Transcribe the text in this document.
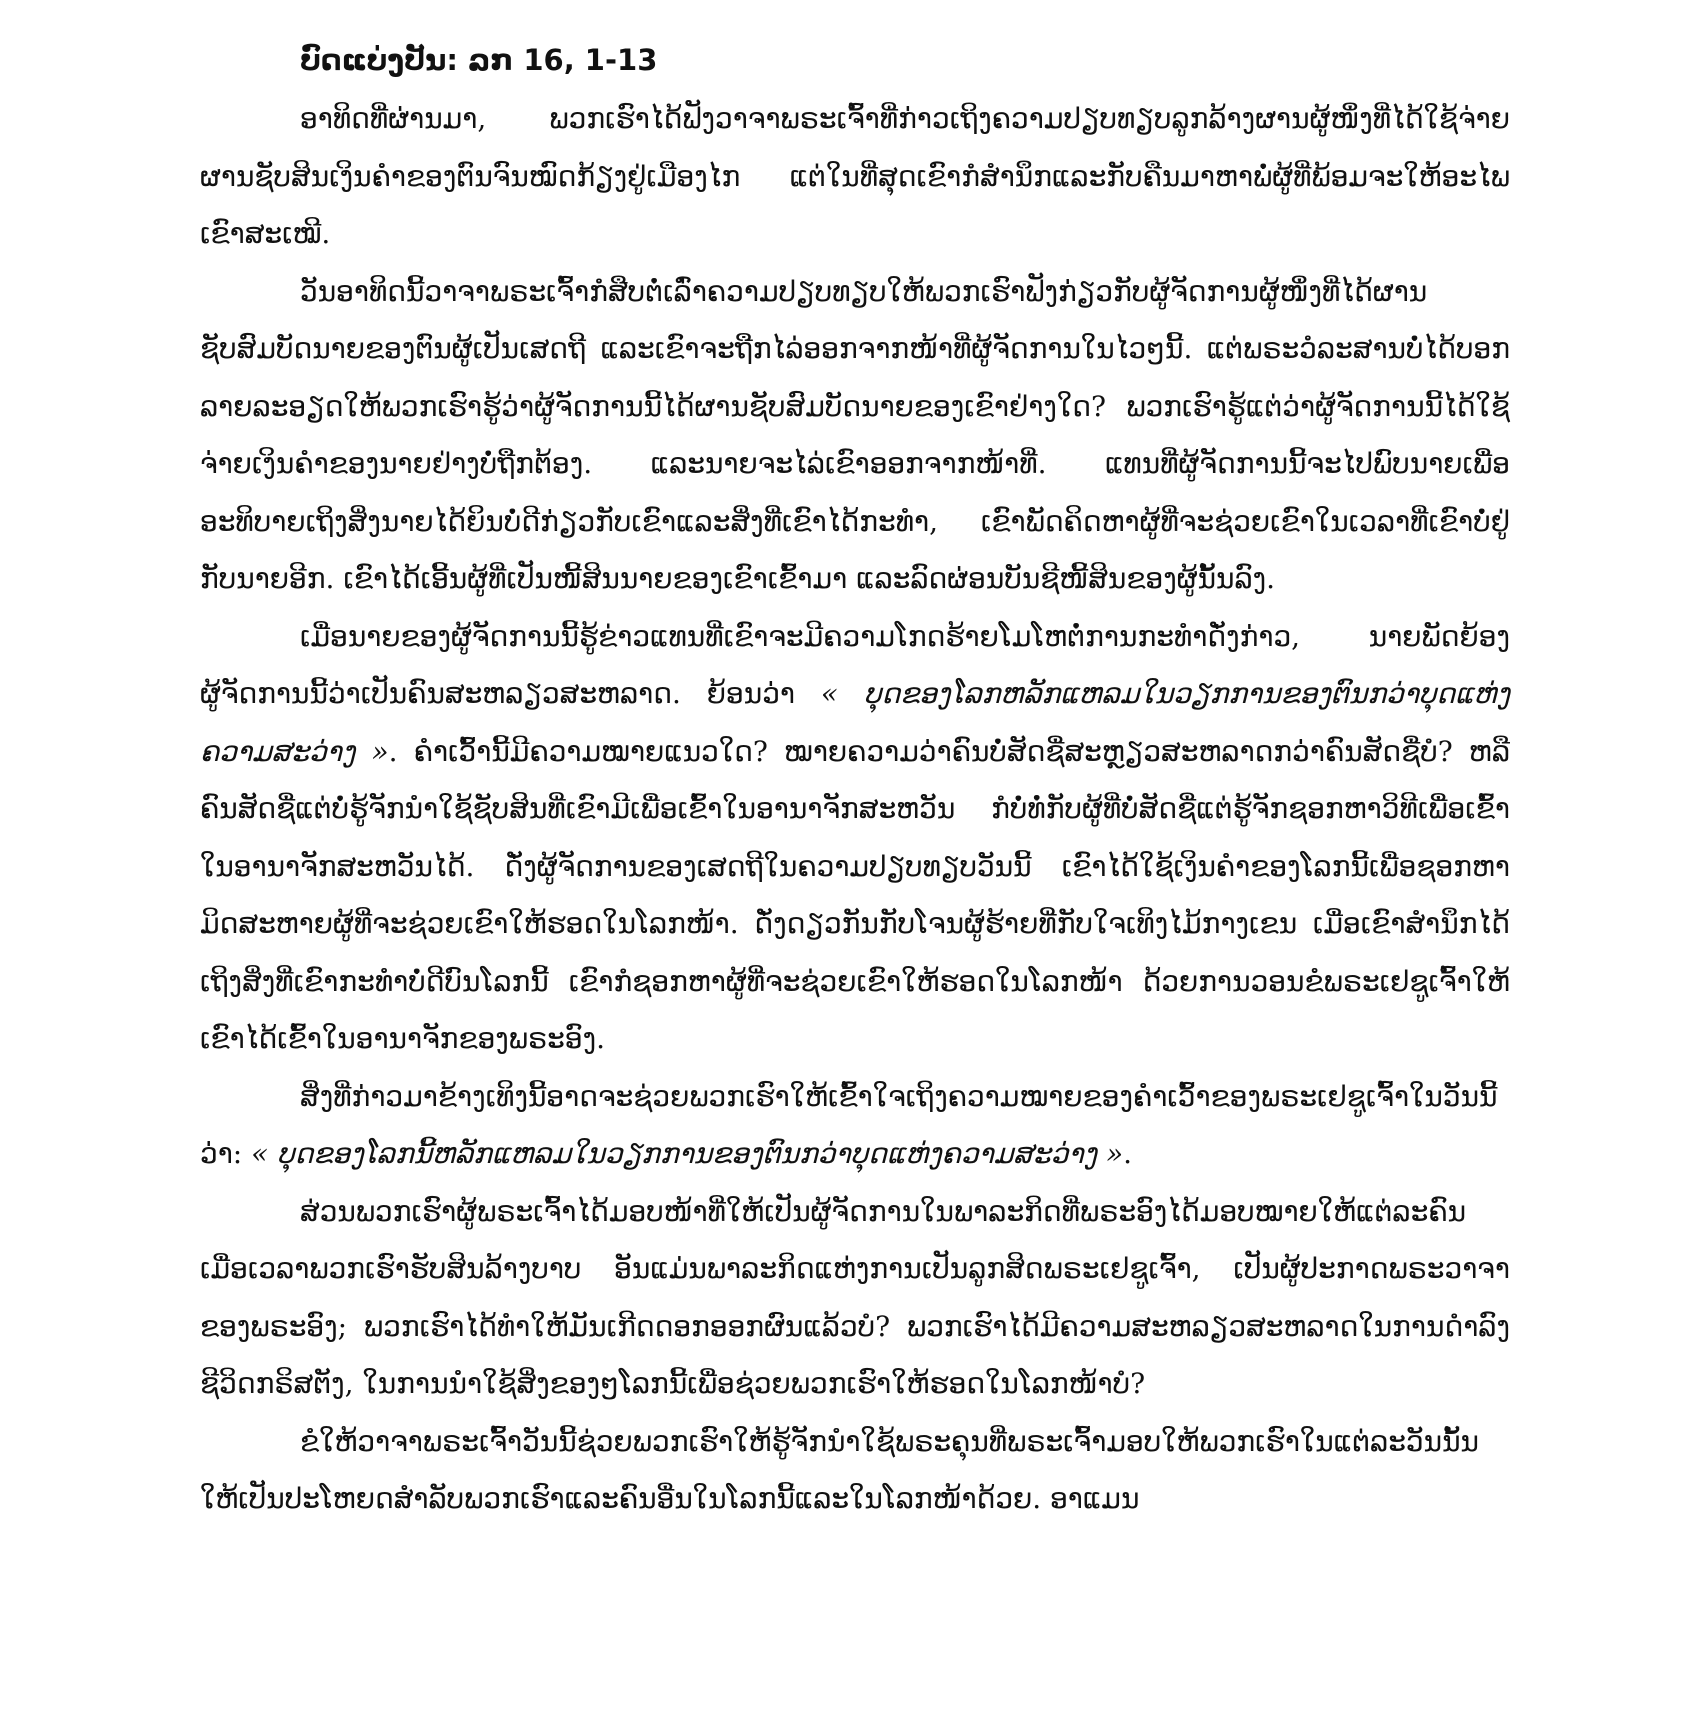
ບົດແບ່ງປັນ: ລກ 16, 1-13

ອາທິດທີ່ຜ່ານມາ, ພວກເຮົາໄດ້ຟັງວາຈາພຣະເຈົ້າທີ່ກ່າວເຖິງຄວາມປຽບທຽບລູກລ້າງຜານຜູ້ໜຶ່ງທີ່ໄດ້ໃຊ້ຈ່າຍຜານຊັບສິນເງິນຄຳຂອງຕົນຈົນໝົດກ້ຽງຢູ່ເມືອງໄກ ແຕ່ໃນທີ່ສຸດເຂົາກໍສຳນຶກແລະກັບຄືນມາຫາພໍ່ຜູ້ທີ່ພ້ອມຈະໃຫ້ອະໄພເຂົາສະເໝີ.

ວັນອາທິດນີ້ວາຈາພຣະເຈົ້າກໍສືບຕໍ່ເລົ່າຄວາມປຽບທຽບໃຫ້ພວກເຮົາຟັງກ່ຽວກັບຜູ້ຈັດການຜູ້ໜຶ່ງທີ່ໄດ້ຜານຊັບສົມບັດນາຍຂອງຕົນຜູ້ເປັນເສດຖີ ແລະເຂົາຈະຖືກໄລ່ອອກຈາກໜ້າທີ່ຜູ້ຈັດການໃນໄວໆນີ້. ແຕ່ພຣະວໍລະສານບໍ່ໄດ້ບອກລາຍລະອຽດໃຫ້ພວກເຮົາຮູ້ວ່າຜູ້ຈັດການນີ້ໄດ້ຜານຊັບສົມບັດນາຍຂອງເຂົາຢ່າງໃດ? ພວກເຮົາຮູ້ແຕ່ວ່າຜູ້ຈັດການນີ້ໄດ້ໃຊ້ຈ່າຍເງິນຄຳຂອງນາຍຢ່າງບໍ່ຖືກຕ້ອງ. ແລະນາຍຈະໄລ່ເຂົາອອກຈາກໜ້າທີ່. ແທນທີ່ຜູ້ຈັດການນີ້ຈະໄປພົບນາຍເພື່ອອະທິບາຍເຖິງສິ່ງນາຍໄດ້ຍິນບໍ່ດີກ່ຽວກັບເຂົາແລະສິ່ງທີ່ເຂົາໄດ້ກະທຳ, ເຂົາພັດຄິດຫາຜູ້ທີ່ຈະຊ່ວຍເຂົາໃນເວລາທີ່ເຂົາບໍ່ຢູ່ກັບນາຍອີກ. ເຂົາໄດ້ເອີ້ນຜູ້ທີ່ເປັນໜີ້ສິນນາຍຂອງເຂົາເຂົ້າມາ ແລະລົດຜ່ອນບັນຊີໜີ້ສິນຂອງຜູ້ນັ້ນລົງ.

ເມື່ອນາຍຂອງຜູ້ຈັດການນີ້ຮູ້ຂ່າວແທນທີ່ເຂົາຈະມີຄວາມໂກດຮ້າຍໂມໂຫຕໍ່ການກະທຳດັ່ງກ່າວ, ນາຍພັດຍ້ອງຜູ້ຈັດການນີ້ວ່າເປັນຄົນສະຫລຽວສະຫລາດ. ຍ້ອນວ່າ « ບຸດຂອງໂລກຫລັກແຫລມໃນວຽກການຂອງຕົນກວ່າບຸດແຫ່ງຄວາມສະວ່າງ ». ຄຳເວົ້ານີ້ມີຄວາມໝາຍແນວໃດ? ໝາຍຄວາມວ່າຄົນບໍ່ສັດຊື່ສະຫຼຽວສະຫລາດກວ່າຄົນສັດຊື່ບໍ? ຫລືຄົນສັດຊື່ແຕ່ບໍ່ຮູ້ຈັກນຳໃຊ້ຊັບສິນທີ່ເຂົາມີເພື່ອເຂົ້າໃນອານາຈັກສະຫວັນ ກໍບໍ່ທໍ່ກັບຜູ້ທີ່ບໍ່ສັດຊື່ແຕ່ຮູ້ຈັກຊອກຫາວິທີເພື່ອເຂົ້າໃນອານາຈັກສະຫວັນໄດ້. ດັ່ງຜູ້ຈັດການຂອງເສດຖີໃນຄວາມປຽບທຽບວັນນີ້ ເຂົາໄດ້ໃຊ້ເງິນຄຳຂອງໂລກນີ້ເພື່ອຊອກຫາມິດສະຫາຍຜູ້ທີ່ຈະຊ່ວຍເຂົາໃຫ້ຮອດໃນໂລກໜ້າ. ດັ່ງດຽວກັນກັບໂຈນຜູ້ຮ້າຍທີ່ກັບໃຈເທິງໄມ້ກາງເຂນ ເມື່ອເຂົາສຳນຶກໄດ້ເຖິງສິ່ງທີ່ເຂົາກະທຳບໍ່ດີບົນໂລກນີ້ ເຂົາກໍຊອກຫາຜູ້ທີ່ຈະຊ່ວຍເຂົາໃຫ້ຮອດໃນໂລກໜ້າ ດ້ວຍການວອນຂໍພຣະເຢຊູເຈົ້າໃຫ້ເຂົາໄດ້ເຂົ້າໃນອານາຈັກຂອງພຣະອົງ.

ສິ່ງທີ່ກ່າວມາຂ້າງເທິງນີ້ອາດຈະຊ່ວຍພວກເຮົາໃຫ້ເຂົ້າໃຈເຖິງຄວາມໝາຍຂອງຄຳເວົ້າຂອງພຣະເຢຊູເຈົ້າໃນວັນນີ້ວ່າ: « ບຸດຂອງໂລກນີ້ຫລັກແຫລມໃນວຽກການຂອງຕົນກວ່າບຸດແຫ່ງຄວາມສະວ່າງ ».

ສ່ວນພວກເຮົາຜູ້ພຣະເຈົ້າໄດ້ມອບໜ້າທີ່ໃຫ້ເປັນຜູ້ຈັດການໃນພາລະກິດທີ່ພຣະອົງໄດ້ມອບໝາຍໃຫ້ແຕ່ລະຄົນເມື່ອເວລາພວກເຮົາຮັບສິນລ້າງບາບ ອັນແມ່ນພາລະກິດແຫ່ງການເປັນລູກສິດພຣະເຢຊູເຈົ້າ, ເປັນຜູ້ປະກາດພຣະວາຈາຂອງພຣະອົງ; ພວກເຮົາໄດ້ທຳໃຫ້ມັນເກີດດອກອອກຜົນແລ້ວບໍ? ພວກເຮົາໄດ້ມີຄວາມສະຫລຽວສະຫລາດໃນການດຳລົງຊີວິດກຣິສຕັງ, ໃນການນຳໃຊ້ສິ່ງຂອງໆໂລກນີ້ເພື່ອຊ່ວຍພວກເຮົາໃຫ້ຮອດໃນໂລກໜ້າບໍ?

ຂໍໃຫ້ວາຈາພຣະເຈົ້າວັນນີ້ຊ່ວຍພວກເຮົາໃຫ້ຮູ້ຈັກນຳໃຊ້ພຣະຄຸນທີ່ພຣະເຈົ້າມອບໃຫ້ພວກເຮົາໃນແຕ່ລະວັນນັ້ນໃຫ້ເປັນປະໂຫຍດສຳລັບພວກເຮົາແລະຄົນອື່ນໃນໂລກນີ້ແລະໃນໂລກໜ້າດ້ວຍ. ອາແມນ
